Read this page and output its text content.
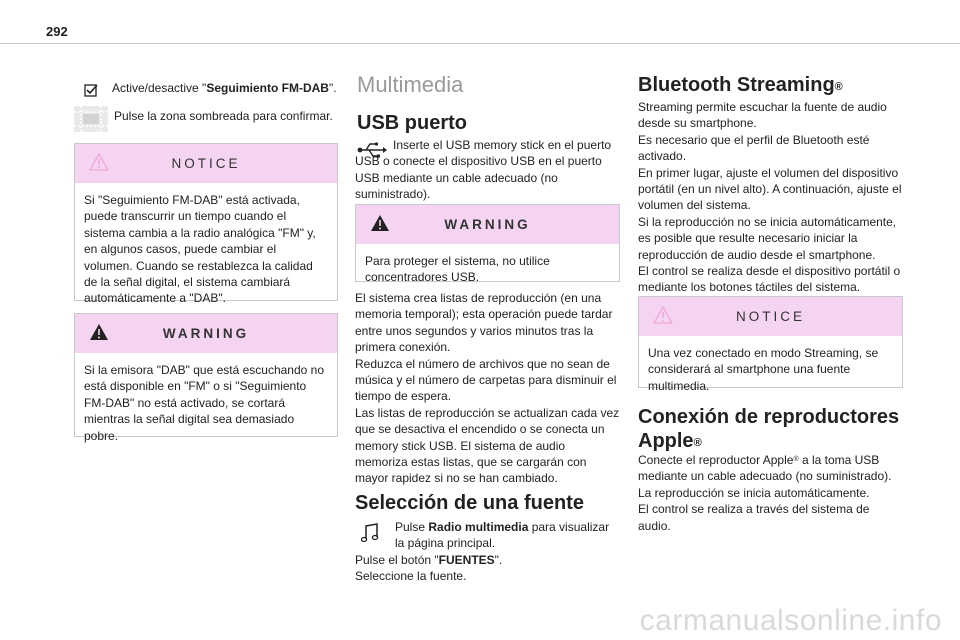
292
Active/desactive "Seguimiento FM-DAB".
Pulse la zona sombreada para confirmar.
NOTICE
Si "Seguimiento FM-DAB" está activada, puede transcurrir un tiempo cuando el sistema cambia a la radio analógica "FM" y, en algunos casos, puede cambiar el volumen. Cuando se restablezca la calidad de la señal digital, el sistema cambiará automáticamente a "DAB".
WARNING
Si la emisora "DAB" que está escuchando no está disponible en "FM" o si "Seguimiento FM-DAB" no está activado, se cortará mientras la señal digital sea demasiado pobre.
Multimedia
USB puerto
Inserte el USB memory stick en el puerto USB o conecte el dispositivo USB en el puerto USB mediante un cable adecuado (no suministrado).
WARNING
Para proteger el sistema, no utilice concentradores USB.
El sistema crea listas de reproducción (en una memoria temporal); esta operación puede tardar entre unos segundos y varios minutos tras la primera conexión.
Reduzca el número de archivos que no sean de música y el número de carpetas para disminuir el tiempo de espera.
Las listas de reproducción se actualizan cada vez que se desactiva el encendido o se conecta un memory stick USB. El sistema de audio memoriza estas listas, que se cargarán con mayor rapidez si no se han cambiado.
Selección de una fuente
Pulse Radio multimedia para visualizar la página principal.
Pulse el botón "FUENTES".
Seleccione la fuente.
Bluetooth Streaming®
Streaming permite escuchar la fuente de audio desde su smartphone.
Es necesario que el perfil de Bluetooth esté activado.
En primer lugar, ajuste el volumen del dispositivo portátil (en un nivel alto). A continuación, ajuste el volumen del sistema.
Si la reproducción no se inicia automáticamente, es posible que resulte necesario iniciar la reproducción de audio desde el smartphone.
El control se realiza desde el dispositivo portátil o mediante los botones táctiles del sistema.
NOTICE
Una vez conectado en modo Streaming, se considerará al smartphone una fuente multimedia.
Conexión de reproductores
Apple®
Conecte el reproductor Apple® a la toma USB mediante un cable adecuado (no suministrado).
La reproducción se inicia automáticamente.
El control se realiza a través del sistema de audio.
carmanualsonline.info
